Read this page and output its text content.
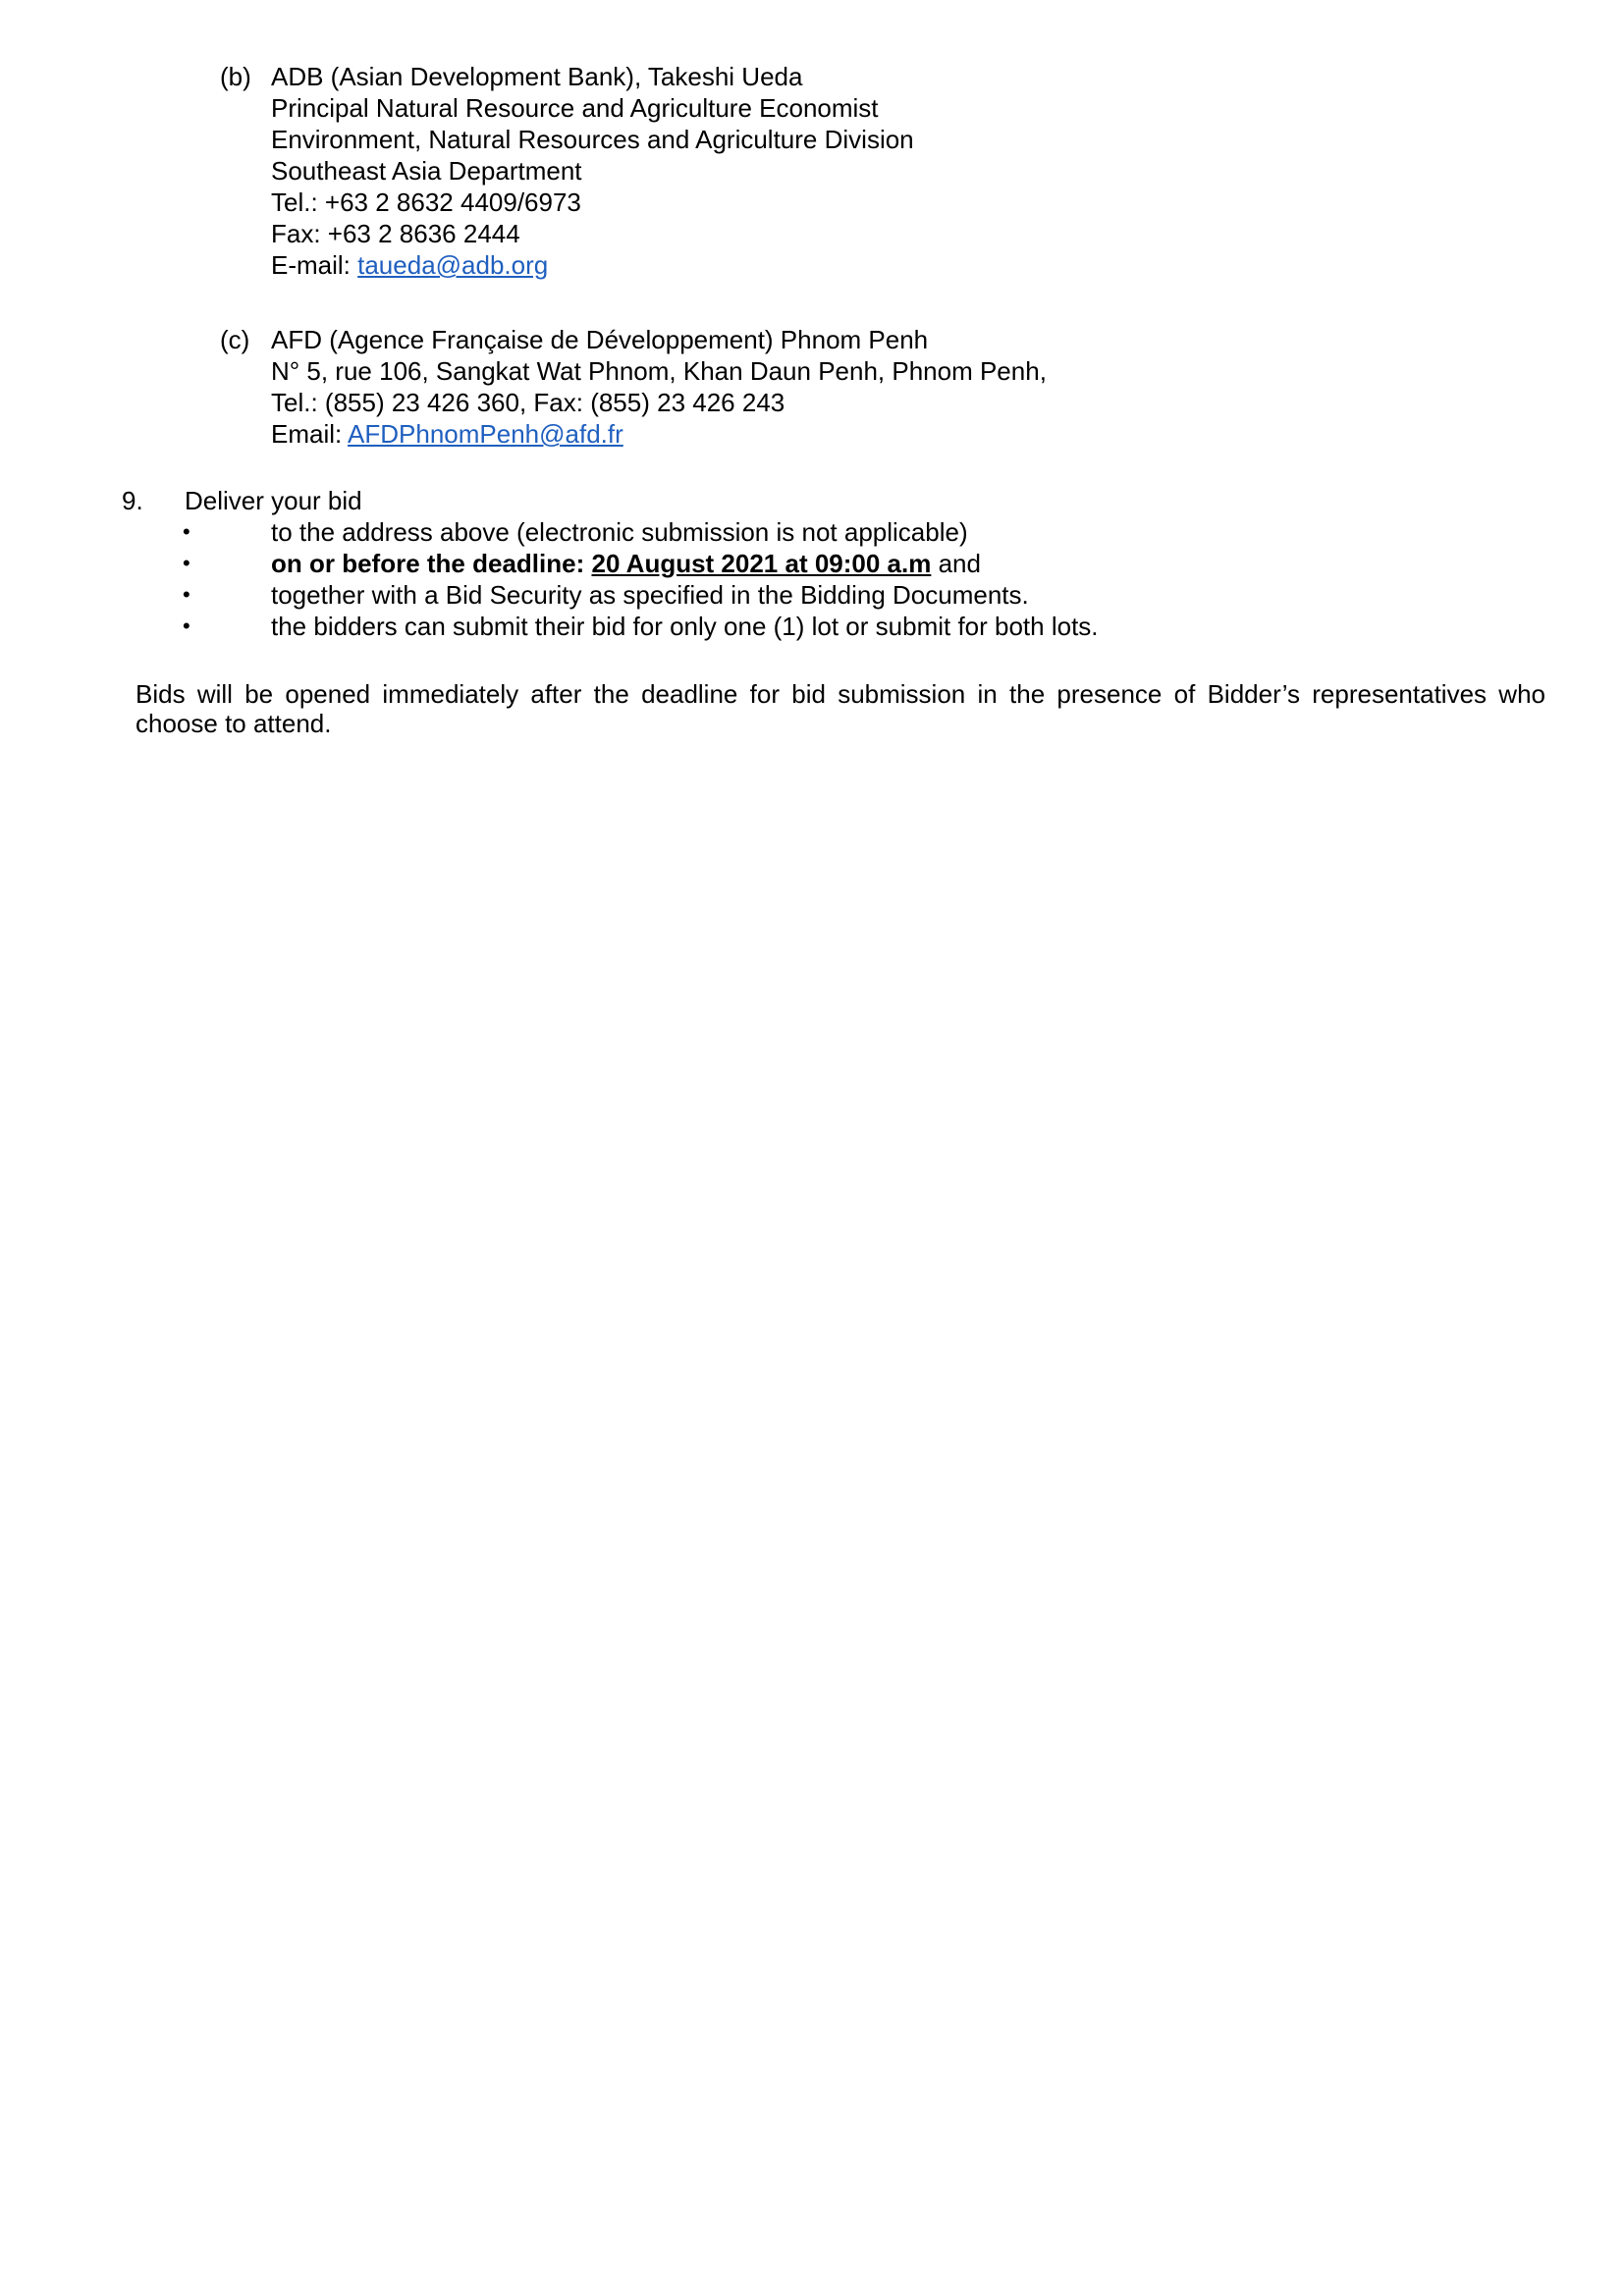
(b) ADB (Asian Development Bank), Takeshi Ueda
Principal Natural Resource and Agriculture Economist
Environment, Natural Resources and Agriculture Division
Southeast Asia Department
Tel.: +63 2 8632 4409/6973
Fax: +63 2 8636 2444
E-mail: taueda@adb.org
(c) AFD (Agence Française de Développement) Phnom Penh
N° 5, rue 106, Sangkat Wat Phnom, Khan Daun Penh, Phnom Penh,
Tel.: (855) 23 426 360, Fax: (855) 23 426 243
Email: AFDPhnomPenh@afd.fr
9. Deliver your bid
•	to the address above (electronic submission is not applicable)
•	on or before the deadline: 20 August 2021 at 09:00 a.m and
•	together with a Bid Security as specified in the Bidding Documents.
•	the bidders can submit their bid for only one (1) lot or submit for both lots.
Bids will be opened immediately after the deadline for bid submission in the presence of Bidder’s representatives who choose to attend.
